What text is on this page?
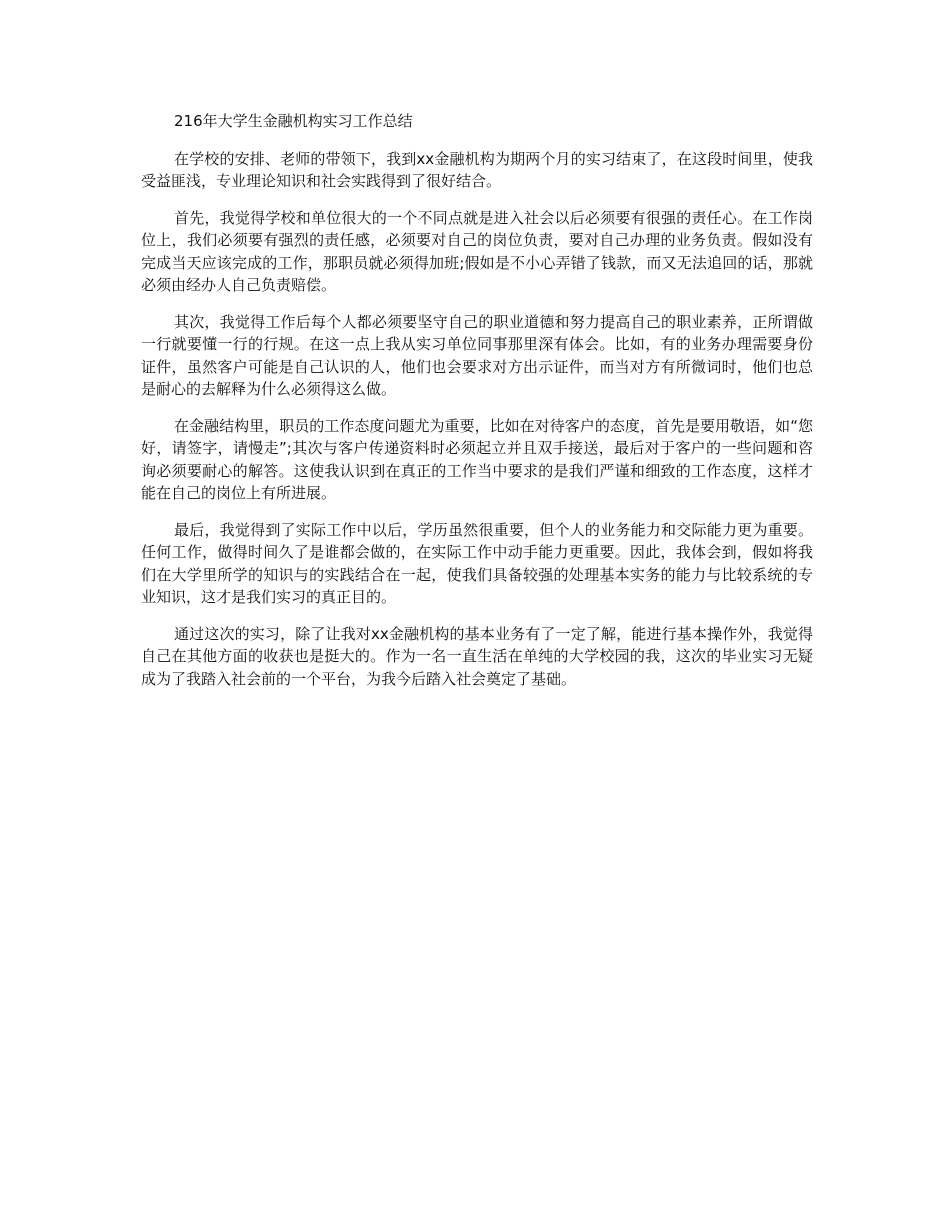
216年大学生金融机构实习工作总结

在学校的安排、老师的带领下，我到xx金融机构为期两个月的实习结束了，在这段时间里，使我受益匪浅，专业理论知识和社会实践得到了很好结合。

首先，我觉得学校和单位很大的一个不同点就是进入社会以后必须要有很强的责任心。在工作岗位上，我们必须要有强烈的责任感，必须要对自己的岗位负责，要对自己办理的业务负责。假如没有完成当天应该完成的工作，那职员就必须得加班;假如是不小心弄错了钱款，而又无法追回的话，那就必须由经办人自己负责赔偿。

其次，我觉得工作后每个人都必须要坚守自己的职业道德和努力提高自己的职业素养，正所谓做一行就要懂一行的行规。在这一点上我从实习单位同事那里深有体会。比如，有的业务办理需要身份证件，虽然客户可能是自己认识的人，他们也会要求对方出示证件，而当对方有所微词时，他们也总是耐心的去解释为什么必须得这么做。

在金融结构里，职员的工作态度问题尤为重要，比如在对待客户的态度，首先是要用敬语，如“您好，请签字，请慢走”;其次与客户传递资料时必须起立并且双手接送，最后对于客户的一些问题和咨询必须要耐心的解答。这使我认识到在真正的工作当中要求的是我们严谨和细致的工作态度，这样才能在自己的岗位上有所进展。

最后，我觉得到了实际工作中以后，学历虽然很重要，但个人的业务能力和交际能力更为重要。任何工作，做得时间久了是谁都会做的，在实际工作中动手能力更重要。因此，我体会到，假如将我们在大学里所学的知识与的实践结合在一起，使我们具备较强的处理基本实务的能力与比较系统的专业知识，这才是我们实习的真正目的。

通过这次的实习，除了让我对xx金融机构的基本业务有了一定了解，能进行基本操作外，我觉得自己在其他方面的收获也是挺大的。作为一名一直生活在单纯的大学校园的我，这次的毕业实习无疑成为了我踏入社会前的一个平台，为我今后踏入社会奠定了基础。
